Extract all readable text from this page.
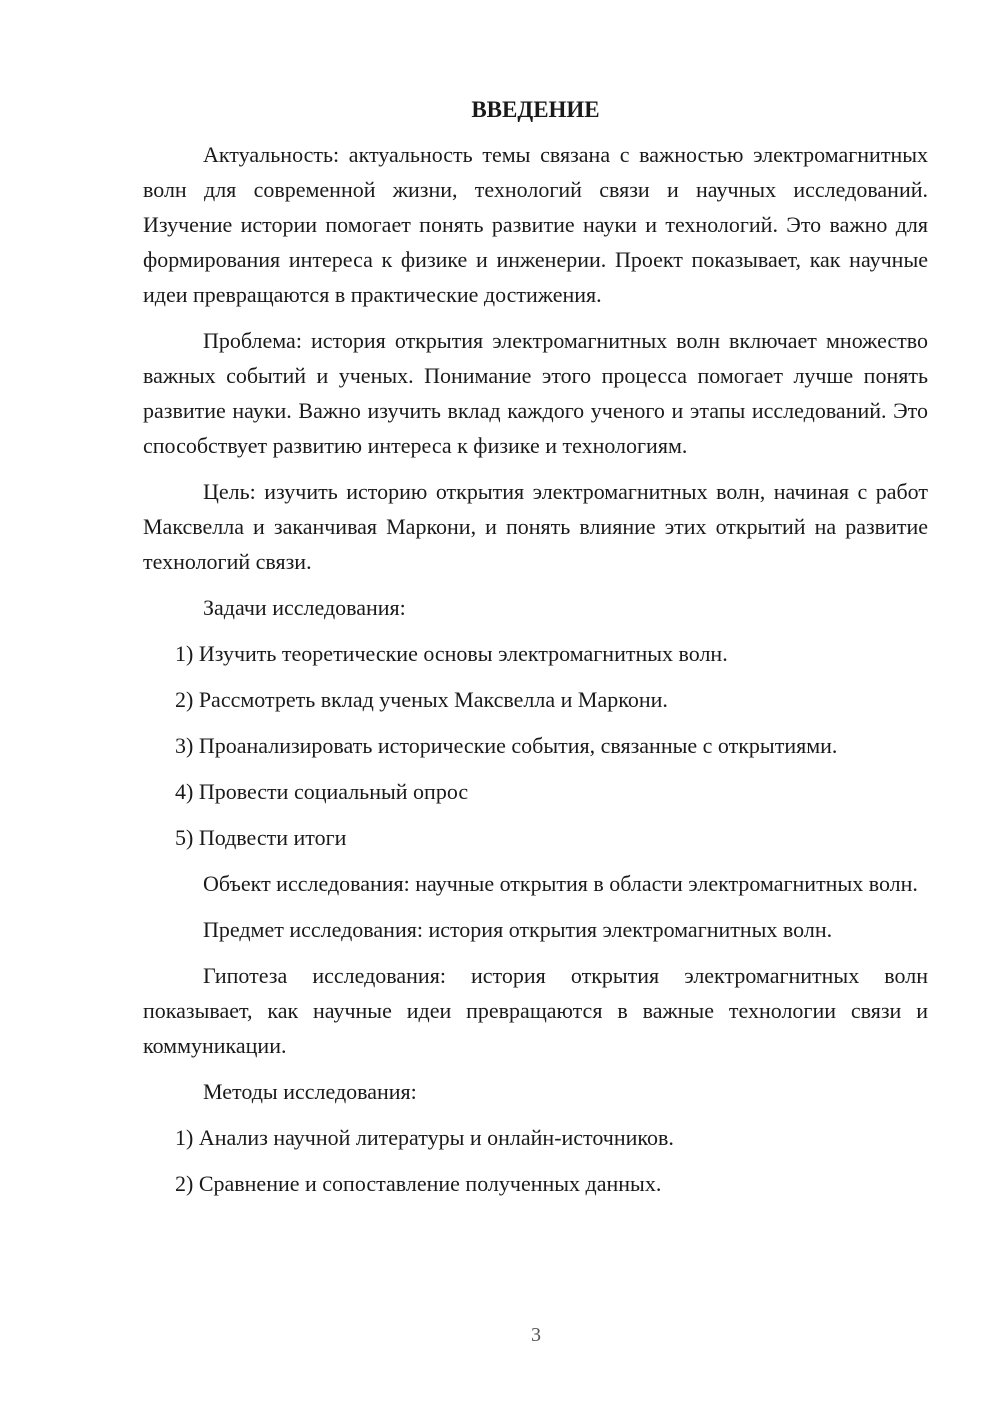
ВВЕДЕНИЕ

Актуальность: актуальность темы связана с важностью электромагнитных волн для современной жизни, технологий связи и научных исследований. Изучение истории помогает понять развитие науки и технологий. Это важно для формирования интереса к физике и инженерии. Проект показывает, как научные идеи превращаются в практические достижения.

Проблема: история открытия электромагнитных волн включает множество важных событий и ученых. Понимание этого процесса помогает лучше понять развитие науки. Важно изучить вклад каждого ученого и этапы исследований. Это способствует развитию интереса к физике и технологиям.

Цель: изучить историю открытия электромагнитных волн, начиная с работ Максвелла и заканчивая Маркони, и понять влияние этих открытий на развитие технологий связи.

Задачи исследования:

1) Изучить теоретические основы электромагнитных волн.

2) Рассмотреть вклад ученых Максвелла и Маркони.

3) Проанализировать исторические события, связанные с открытиями.

4) Провести социальный опрос

5) Подвести итоги

Объект исследования: научные открытия в области электромагнитных волн.

Предмет исследования: история открытия электромагнитных волн.

Гипотеза исследования: история открытия электромагнитных волн показывает, как научные идеи превращаются в важные технологии связи и коммуникации.

Методы исследования:

1) Анализ научной литературы и онлайн-источников.

2) Сравнение и сопоставление полученных данных.

3
